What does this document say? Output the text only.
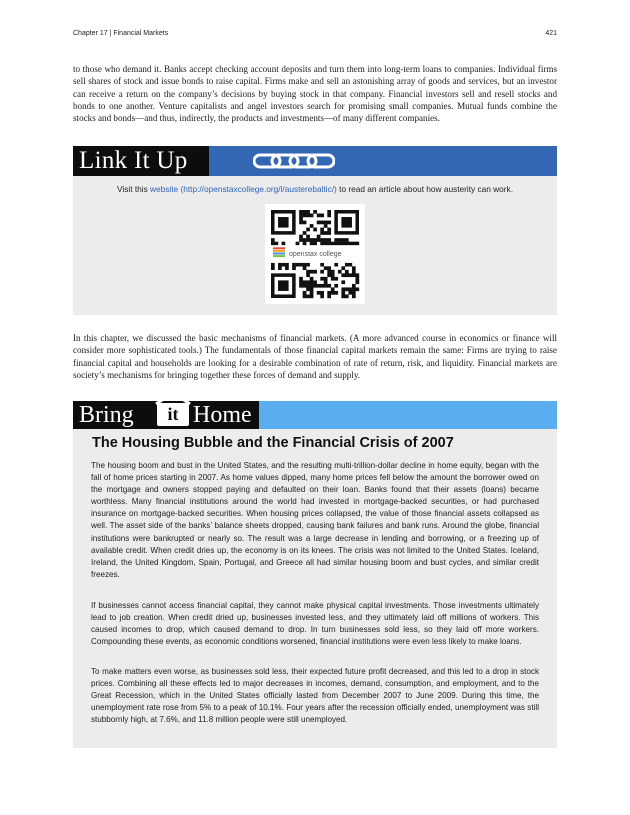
Chapter 17 | Financial Markets	421

to those who demand it. Banks accept checking account deposits and turn them into long-term loans to companies. Individual firms sell shares of stock and issue bonds to raise capital. Firms make and sell an astonishing array of goods and services, but an investor can receive a return on the company’s decisions by buying stock in that company. Financial investors sell and resell stocks and bonds to one another. Venture capitalists and angel investors search for promising small companies. Mutual funds combine the stocks and bonds—and thus, indirectly, the products and investments—of many different companies.

Link It Up
Visit this website (http://openstaxcollege.org/l/austerebaltic/) to read an article about how austerity can work.
openstax college

In this chapter, we discussed the basic mechanisms of financial markets. (A more advanced course in economics or finance will consider more sophisticated tools.) The fundamentals of those financial capital markets remain the same: Firms are trying to raise financial capital and households are looking for a desirable combination of rate of return, risk, and liquidity. Financial markets are society’s mechanisms for bringing together these forces of demand and supply.

Bring	it Home
The Housing Bubble and the Financial Crisis of 2007

The housing boom and bust in the United States, and the resulting multi-trillion-dollar decline in home equity, began with the fall of home prices starting in 2007. As home values dipped, many home prices fell below the amount the borrower owed on the mortgage and owners stopped paying and defaulted on their loan. Banks found that their assets (loans) became worthless. Many financial institutions around the world had invested in mortgage-backed securities, or had purchased insurance on mortgage-backed securities. When housing prices collapsed, the value of those financial assets collapsed as well. The asset side of the banks’ balance sheets dropped, causing bank failures and bank runs. Around the globe, financial institutions were bankrupted or nearly so. The result was a large decrease in lending and borrowing, or a freezing up of available credit. When credit dries up, the economy is on its knees. The crisis was not limited to the United States. Iceland, Ireland, the United Kingdom, Spain, Portugal, and Greece all had similar housing boom and bust cycles, and similar credit freezes.

If businesses cannot access financial capital, they cannot make physical capital investments. Those investments ultimately lead to job creation. When credit dried up, businesses invested less, and they ultimately laid off millions of workers. This caused incomes to drop, which caused demand to drop. In turn businesses sold less, so they laid off more workers. Compounding these events, as economic conditions worsened, financial institutions were even less likely to make loans.

To make matters even worse, as businesses sold less, their expected future profit decreased, and this led to a drop in stock prices. Combining all these effects led to major decreases in incomes, demand, consumption, and employment, and to the Great Recession, which in the United States officially lasted from December 2007 to June 2009. During this time, the unemployment rate rose from 5% to a peak of 10.1%. Four years after the recession officially ended, unemployment was still stubbornly high, at 7.6%, and 11.8 million people were still unemployed.
